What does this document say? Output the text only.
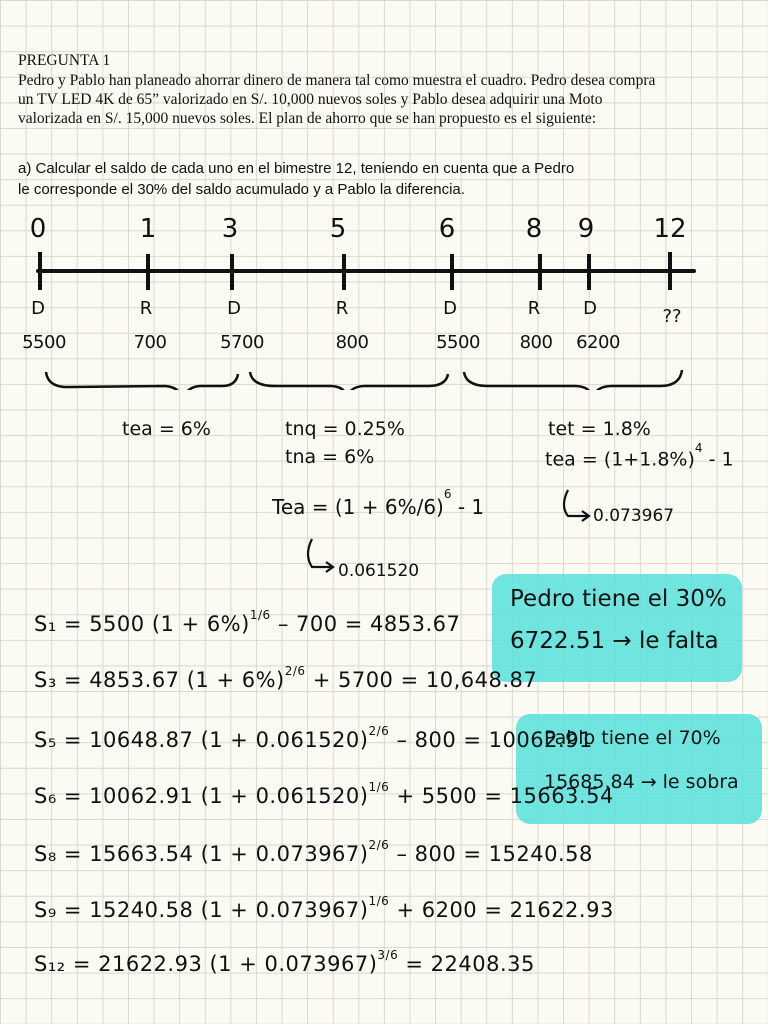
PREGUNTA 1
Pedro y Pablo han planeado ahorrar dinero de manera tal como muestra el cuadro. Pedro desea compra
un TV LED 4K de 65” valorizado en S/. 10,000 nuevos soles y Pablo desea adquirir una Moto
valorizada en S/. 15,000 nuevos soles. El plan de ahorro que se han propuesto es el siguiente:
a) Calcular el saldo de cada uno en el bimestre 12, teniendo en cuenta que a Pedro
le corresponde el 30% del saldo acumulado y a Pablo la diferencia.
0	1	3	5	6	8 9 12
D	R	D	R	D	R D	??
5500	700	5700	800	5500 800 6200
tea = 6%	tnq = 0.25%
tna = 6%
Tea = $(1 + 6\%/6)^6 - 1$
0.061520
tet = 1.8%
tea = $(1+1.8\%)^4 - 1$
0.073967
Pedro tiene el 30%
6722.51 → le falta
Pablo tiene el 70%
15685.84 → le sobra
S₁ = 5500 $(1 + 6\%)^{1/6} - 700 = 4853.67$
S₃ = 4853.67 $(1 + 6\%)^{2/6} + 5700 = 10,648.87$
S₅ = 10648.87 $(1 + 0.061520)^{2/6} - 800 = 10062.91$
S₆ = 10062.91 $(1 + 0.061520)^{1/6} + 5500 = 15663.54$
S₈ = 15663.54 $(1 + 0.073967)^{2/6} - 800 = 15240.58$
S₉ = 15240.58 $(1 + 0.073967)^{1/6} + 6200 = 21622.93$
S₁₂ = 21622.93 $(1 + 0.073967)^{3/6} = 22408.35$
